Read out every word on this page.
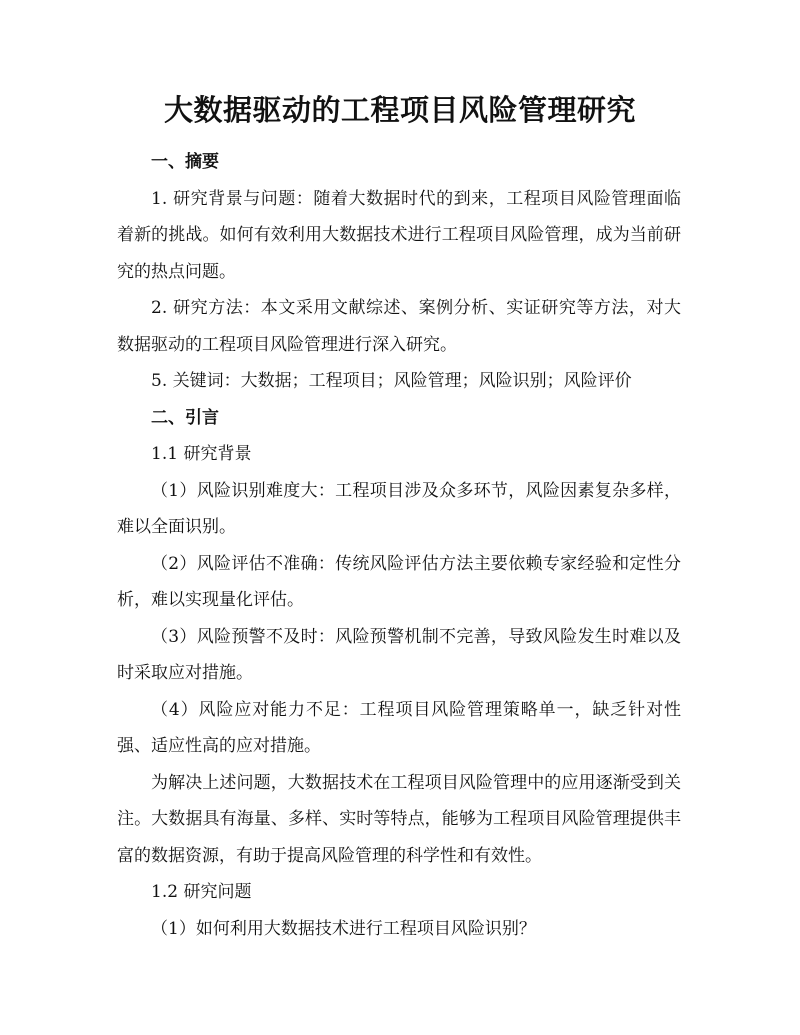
大数据驱动的工程项目风险管理研究

一、摘要

1. 研究背景与问题：随着大数据时代的到来，工程项目风险管理面临着新的挑战。如何有效利用大数据技术进行工程项目风险管理，成为当前研究的热点问题。

2. 研究方法：本文采用文献综述、案例分析、实证研究等方法，对大数据驱动的工程项目风险管理进行深入研究。

5. 关键词：大数据；工程项目；风险管理；风险识别；风险评价

二、引言

1.1 研究背景

（1）风险识别难度大：工程项目涉及众多环节，风险因素复杂多样，难以全面识别。

（2）风险评估不准确：传统风险评估方法主要依赖专家经验和定性分析，难以实现量化评估。

（3）风险预警不及时：风险预警机制不完善，导致风险发生时难以及时采取应对措施。

（4）风险应对能力不足：工程项目风险管理策略单一，缺乏针对性强、适应性高的应对措施。

为解决上述问题，大数据技术在工程项目风险管理中的应用逐渐受到关注。大数据具有海量、多样、实时等特点，能够为工程项目风险管理提供丰富的数据资源，有助于提高风险管理的科学性和有效性。

1.2 研究问题

（1）如何利用大数据技术进行工程项目风险识别？
